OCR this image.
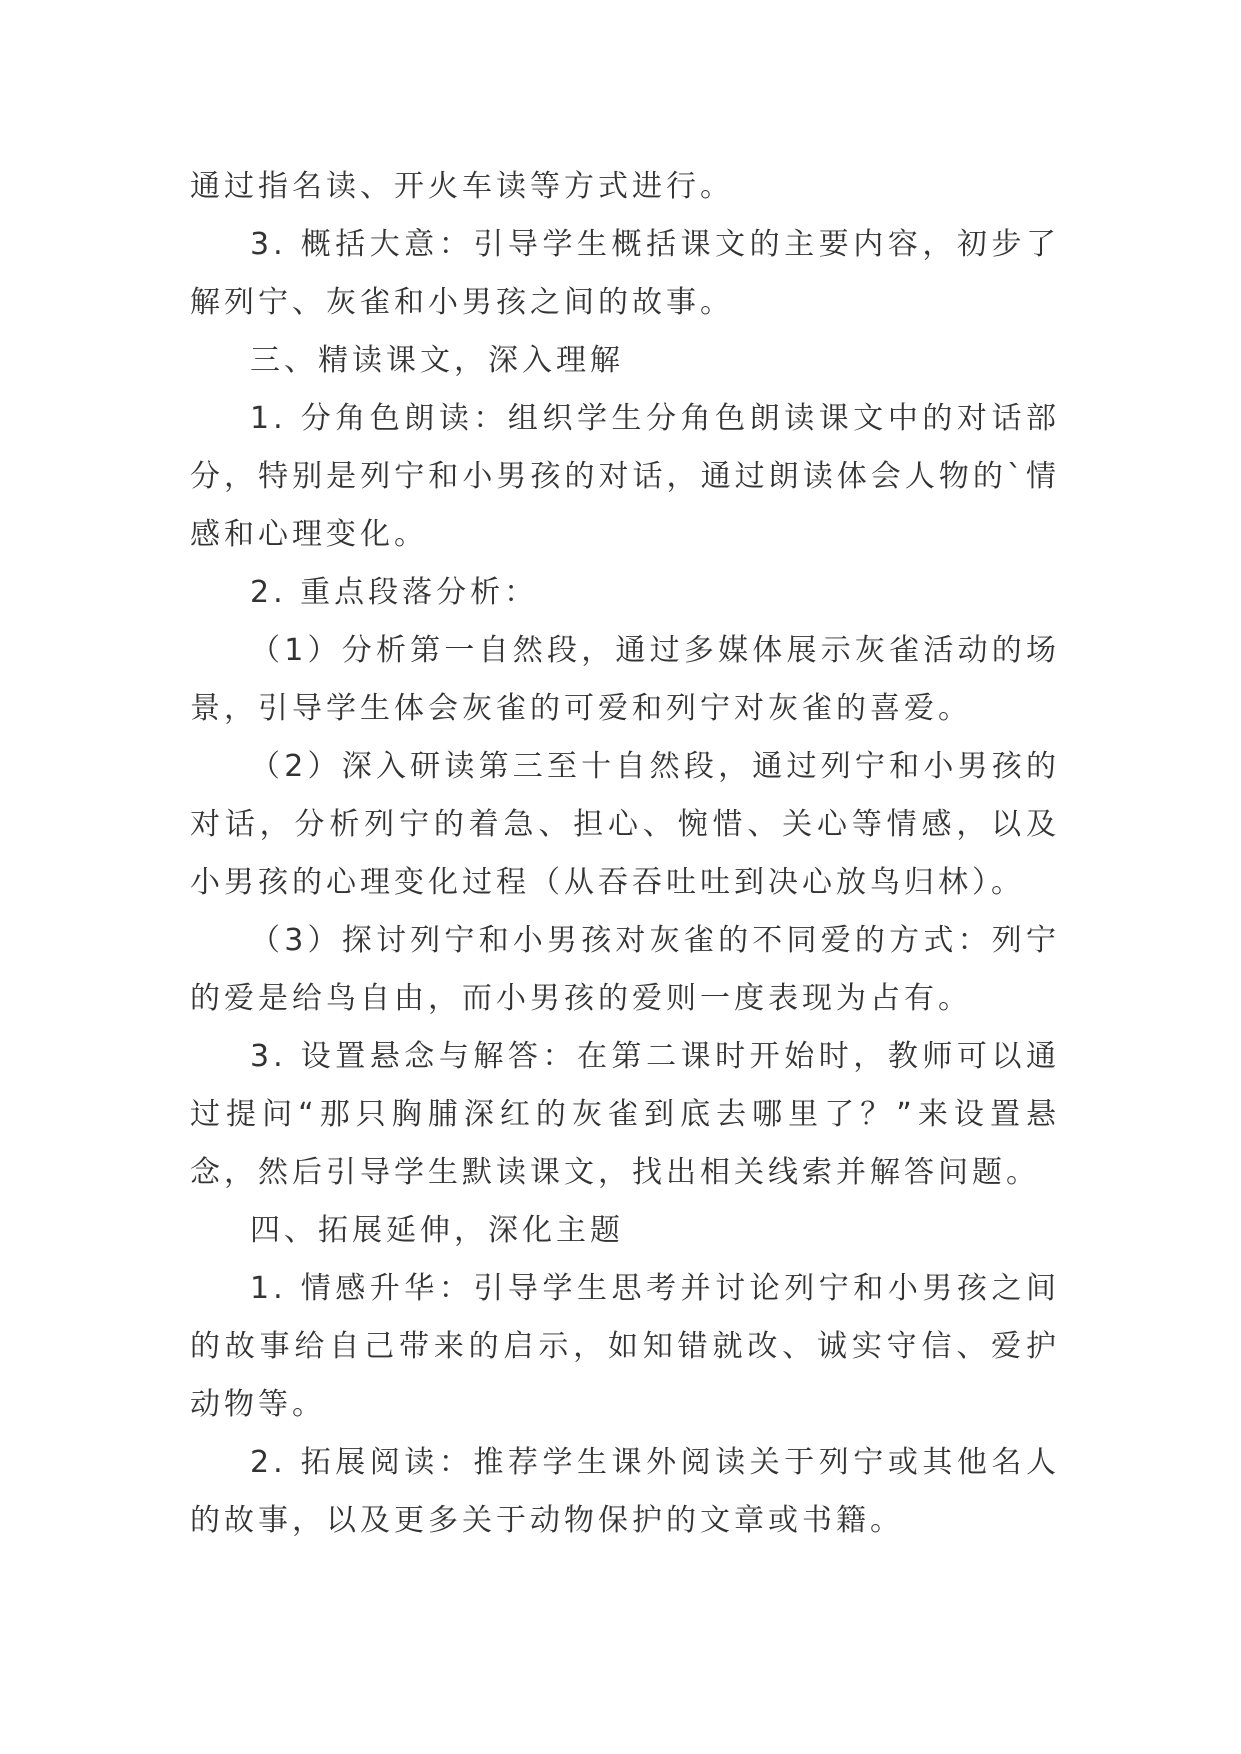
通过指名读、开火车读等方式进行。

3. 概括大意：引导学生概括课文的主要内容，初步了解列宁、灰雀和小男孩之间的故事。

三、精读课文，深入理解

1. 分角色朗读：组织学生分角色朗读课文中的对话部分，特别是列宁和小男孩的对话，通过朗读体会人物的`情感和心理变化。

2. 重点段落分析：

（1）分析第一自然段，通过多媒体展示灰雀活动的场景，引导学生体会灰雀的可爱和列宁对灰雀的喜爱。

（2）深入研读第三至十自然段，通过列宁和小男孩的对话，分析列宁的着急、担心、惋惜、关心等情感，以及小男孩的心理变化过程（从吞吞吐吐到决心放鸟归林）。

（3）探讨列宁和小男孩对灰雀的不同爱的方式：列宁的爱是给鸟自由，而小男孩的爱则一度表现为占有。

3. 设置悬念与解答：在第二课时开始时，教师可以通过提问“那只胸脯深红的灰雀到底去哪里了？”来设置悬念，然后引导学生默读课文，找出相关线索并解答问题。

四、拓展延伸，深化主题

1. 情感升华：引导学生思考并讨论列宁和小男孩之间的故事给自己带来的启示，如知错就改、诚实守信、爱护动物等。

2. 拓展阅读：推荐学生课外阅读关于列宁或其他名人的故事，以及更多关于动物保护的文章或书籍。
